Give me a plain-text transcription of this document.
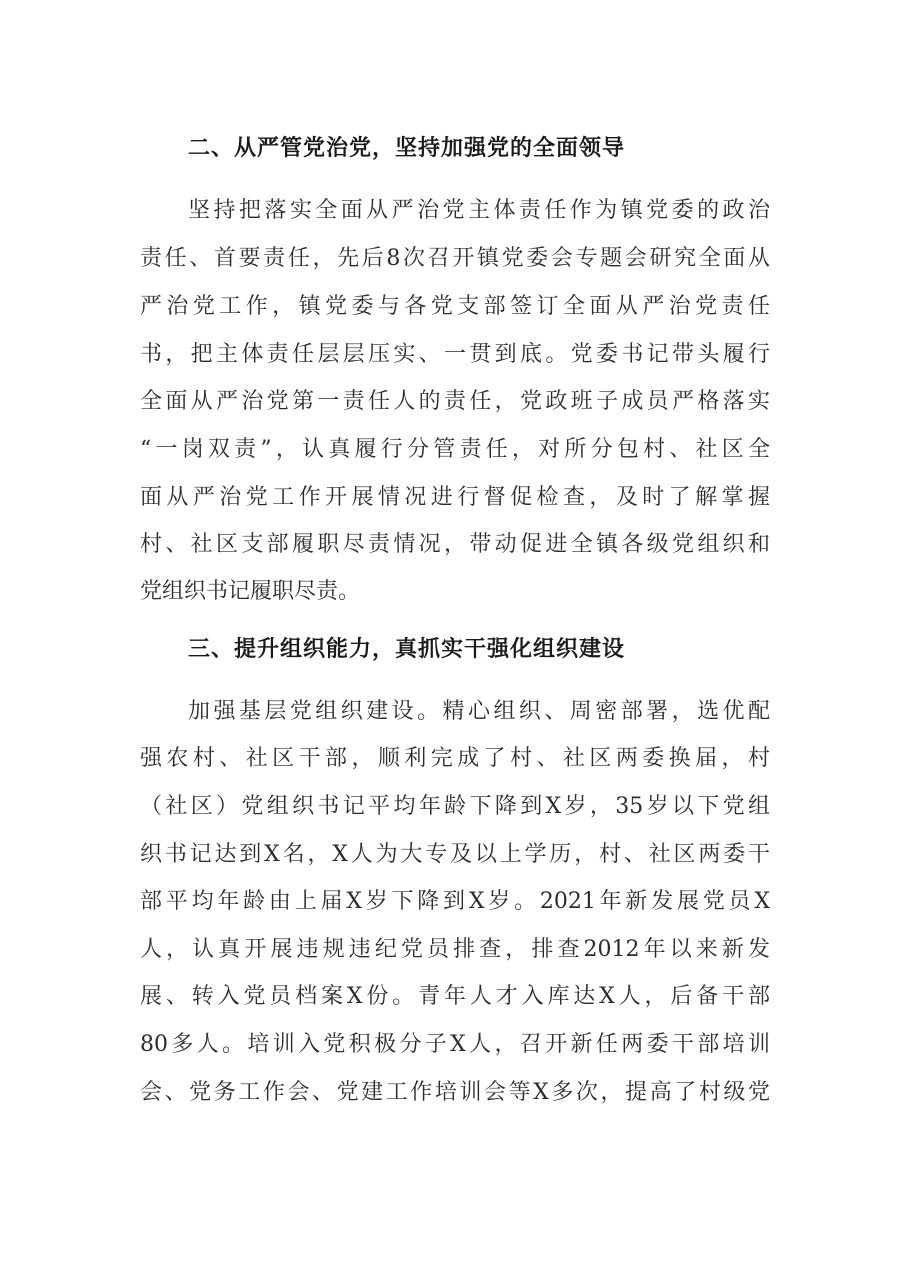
二、从严管党治党，坚持加强党的全面领导
坚持把落实全面从严治党主体责任作为镇党委的政治
责任、首要责任，先后8次召开镇党委会专题会研究全面从
严治党工作，镇党委与各党支部签订全面从严治党责任
书，把主体责任层层压实、一贯到底。党委书记带头履行
全面从严治党第一责任人的责任，党政班子成员严格落实
“一岗双责”，认真履行分管责任，对所分包村、社区全
面从严治党工作开展情况进行督促检查，及时了解掌握
村、社区支部履职尽责情况，带动促进全镇各级党组织和
党组织书记履职尽责。
三、提升组织能力，真抓实干强化组织建设
加强基层党组织建设。精心组织、周密部署，选优配
强农村、社区干部，顺利完成了村、社区两委换届，村
（社区）党组织书记平均年龄下降到X岁，35岁以下党组
织书记达到X名，X人为大专及以上学历，村、社区两委干
部平均年龄由上届X岁下降到X岁。2021年新发展党员X
人，认真开展违规违纪党员排查，排查2012年以来新发
展、转入党员档案X份。青年人才入库达X人，后备干部
80多人。培训入党积极分子X人，召开新任两委干部培训
会、党务工作会、党建工作培训会等X多次，提高了村级党
